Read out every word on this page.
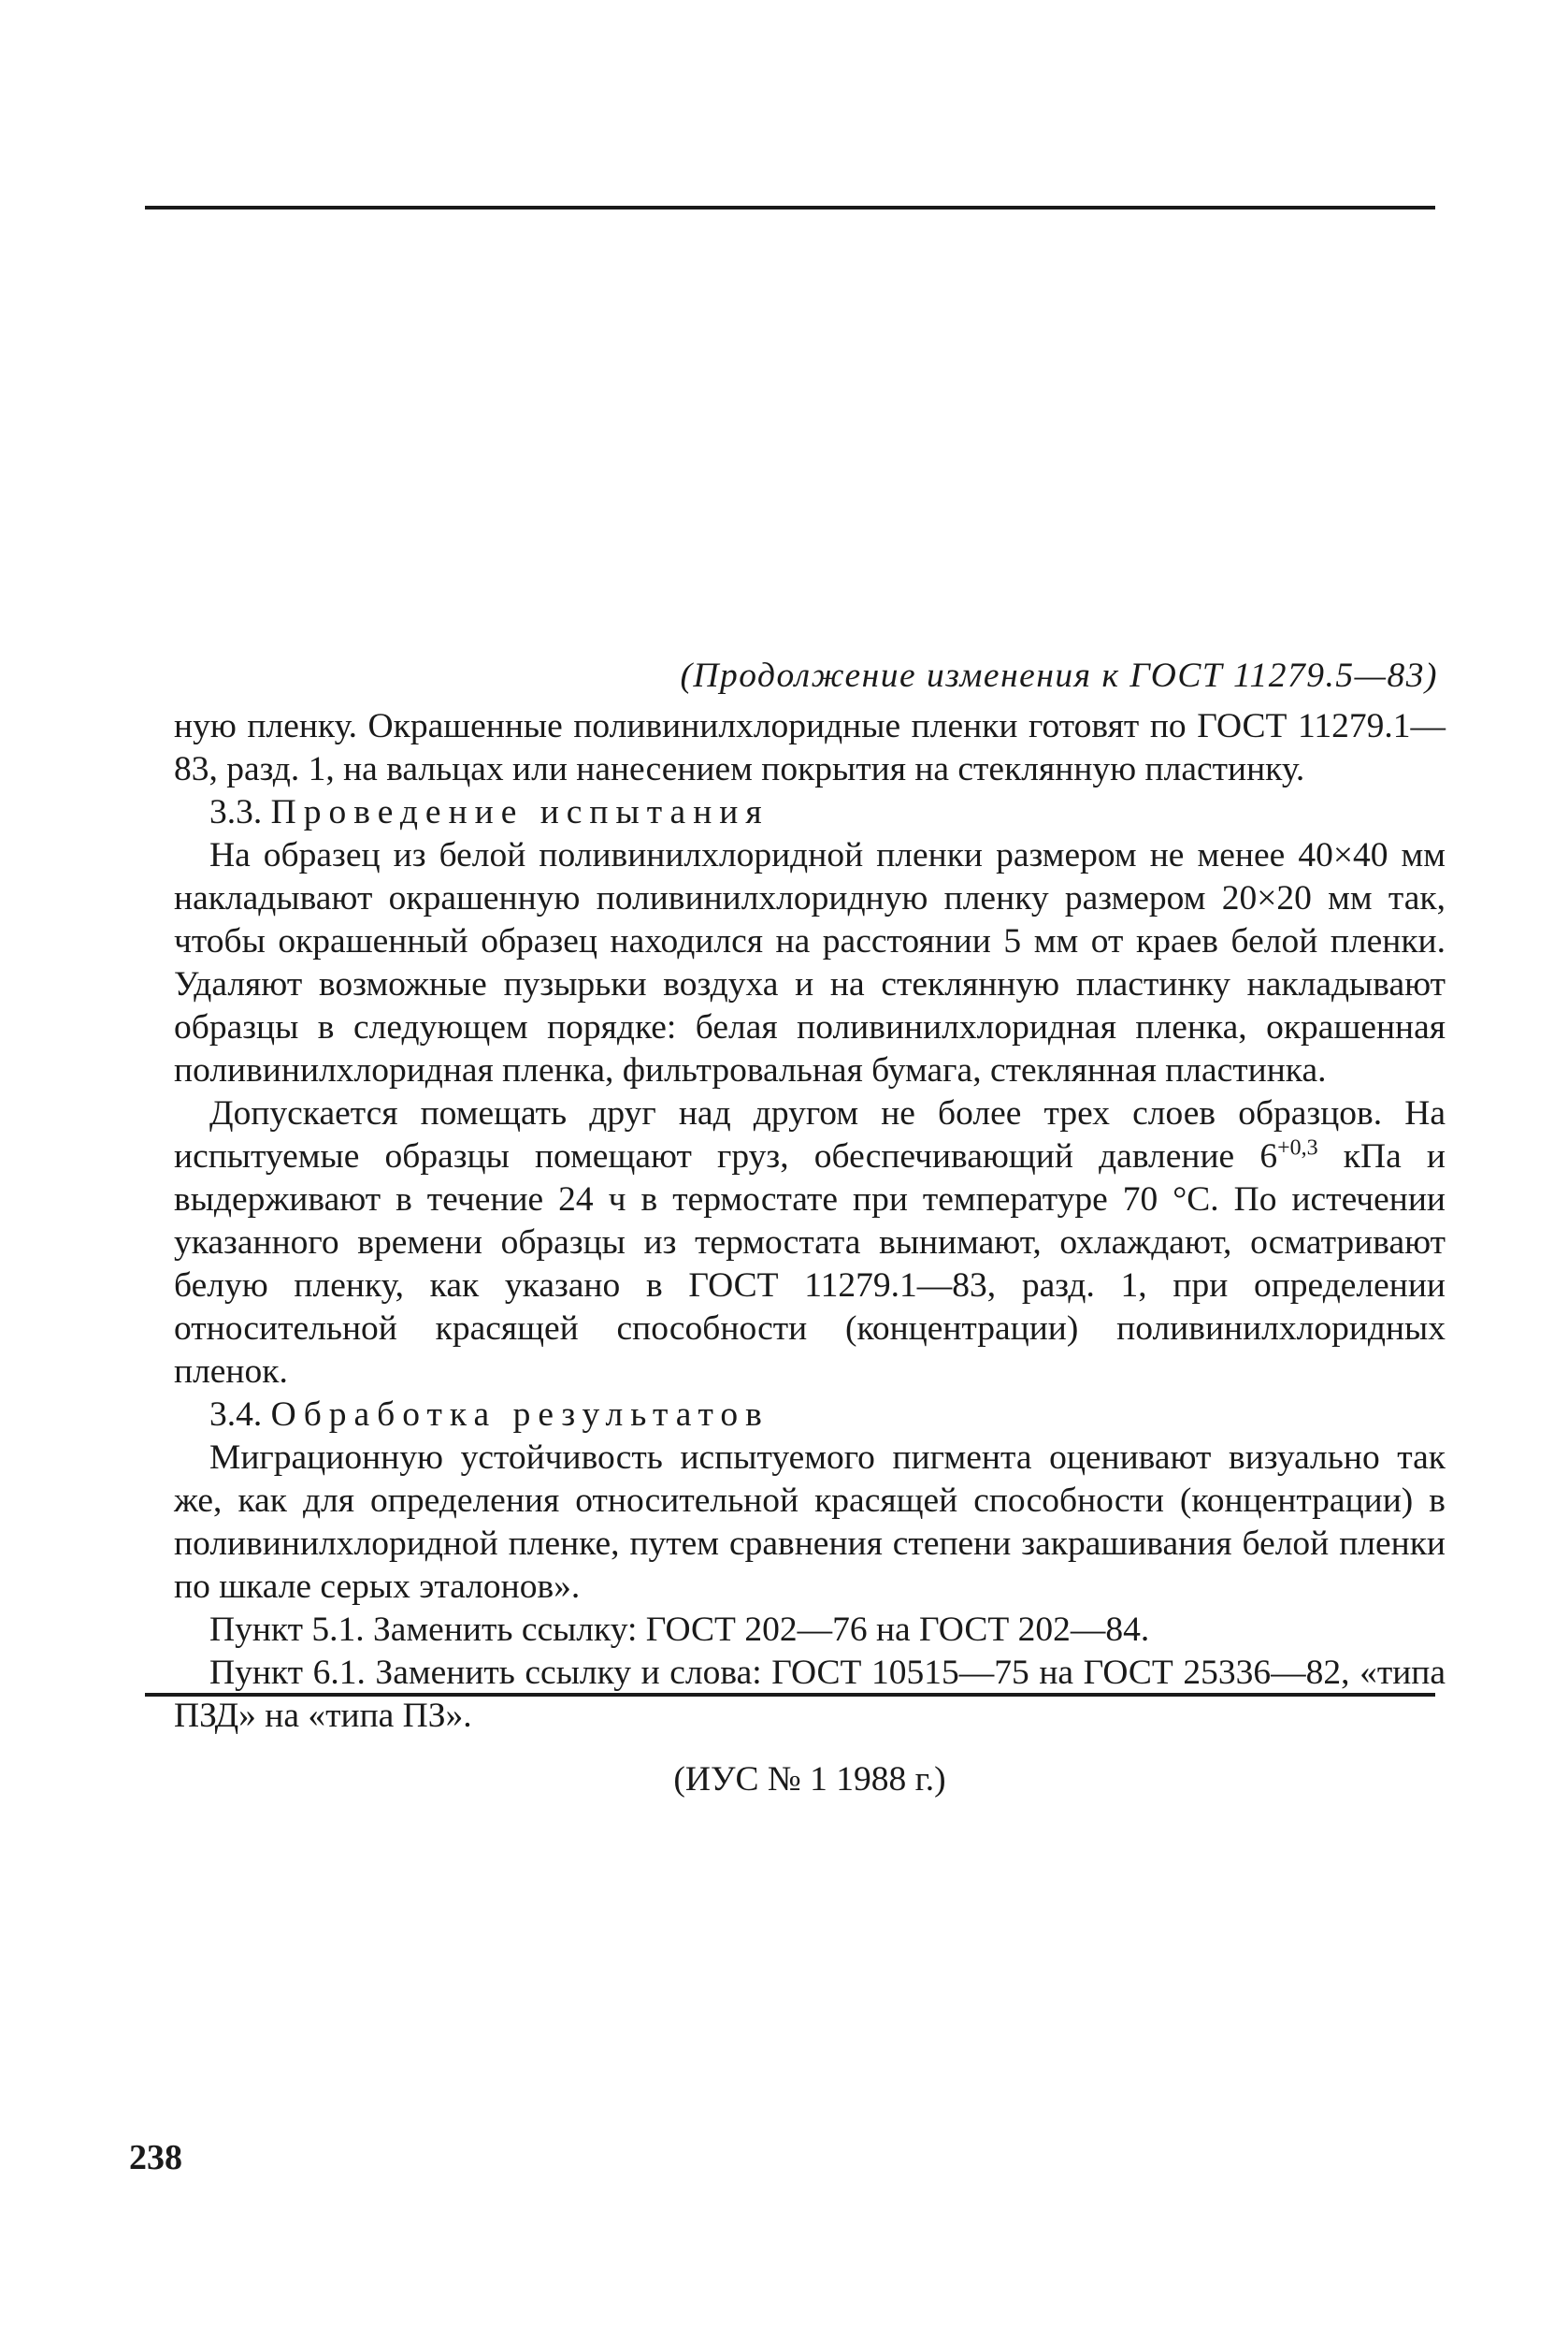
(Продолжение изменения к ГОСТ 11279.5—83)

ную пленку. Окрашенные поливинилхлоридные пленки готовят по ГОСТ 11279.1—83, разд. 1, на вальцах или нанесением покрытия на стеклянную пластинку.

3.3. Проведение испытания

На образец из белой поливинилхлоридной пленки размером не менее 40×40 мм накладывают окрашенную поливинилхлоридную пленку размером 20×20 мм так, чтобы окрашенный образец находился на расстоянии 5 мм от краев белой пленки. Удаляют возможные пузырьки воздуха и на стеклянную пластинку накладывают образцы в следующем порядке: белая поливинилхлоридная пленка, окрашенная поливинилхлоридная пленка, фильтровальная бумага, стеклянная пластинка.

Допускается помещать друг над другом не более трех слоев образцов. На испытуемые образцы помещают груз, обеспечивающий давление $6^{+0,3}$ кПа и выдерживают в течение 24 ч в термостате при температуре 70 °С. По истечении указанного времени образцы из термостата вынимают, охлаждают, осматривают белую пленку, как указано в ГОСТ 11279.1—83, разд. 1, при определении относительной красящей способности (концентрации) поливинилхлоридных пленок.

3.4. Обработка результатов

Миграционную устойчивость испытуемого пигмента оценивают визуально так же, как для определения относительной красящей способности (концентрации) в поливинилхлоридной пленке, путем сравнения степени закрашивания белой пленки по шкале серых эталонов».

Пункт 5.1. Заменить ссылку: ГОСТ 202—76 на ГОСТ 202—84.

Пункт 6.1. Заменить ссылку и слова: ГОСТ 10515—75 на ГОСТ 25336—82, «типа ПЗД» на «типа ПЗ».

(ИУС № 1 1988 г.)
238
